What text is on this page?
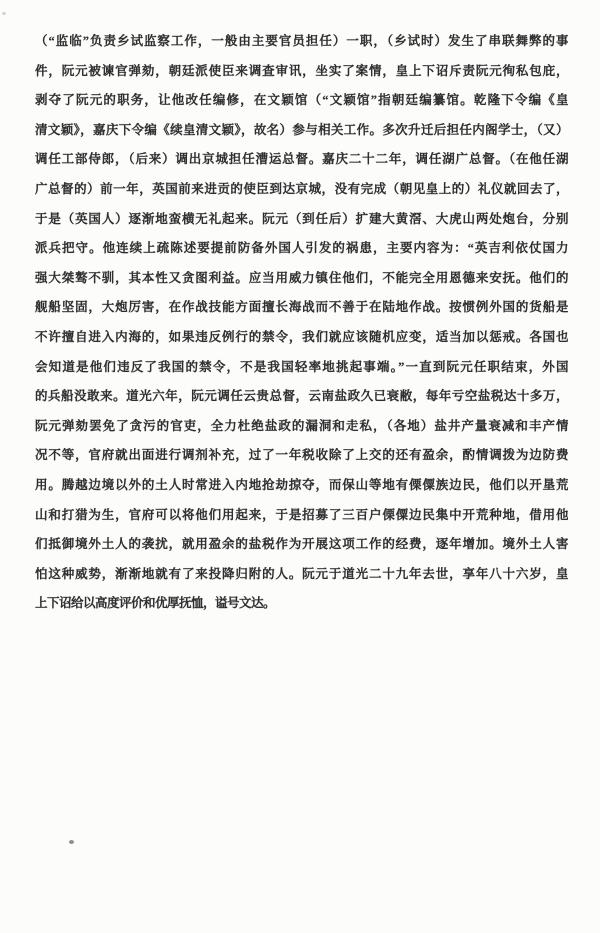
（“监临”负责乡试监察工作，一般由主要官员担任）一职，（乡试时）发生了串联舞弊的事
件，阮元被谏官弹劾，朝廷派使臣来调查审讯，坐实了案情，皇上下诏斥责阮元徇私包庇，
剥夺了阮元的职务，让他改任编修，在文颖馆（“文颖馆”指朝廷编纂馆。乾隆下令编《皇
清文颖》，嘉庆下令编《续皇清文颖》，故名）参与相关工作。多次升迁后担任内阁学士，（又）
调任工部侍郎，（后来）调出京城担任漕运总督。嘉庆二十二年，调任湖广总督。（在他任湖
广总督的）前一年，英国前来进贡的使臣到达京城，没有完成（朝见皇上的）礼仪就回去了，
于是（英国人）逐渐地蛮横无礼起来。阮元（到任后）扩建大黄滘、大虎山两处炮台，分别
派兵把守。他连续上疏陈述要提前防备外国人引发的祸患，主要内容为：“英吉利依仗国力
强大桀骜不驯，其本性又贪图利益。应当用威力镇住他们，不能完全用恩德来安抚。他们的
舰船坚固，大炮厉害，在作战技能方面擅长海战而不善于在陆地作战。按惯例外国的货船是
不许擅自进入内海的，如果违反例行的禁令，我们就应该随机应变，适当加以惩戒。各国也
会知道是他们违反了我国的禁令，不是我国轻率地挑起事端。”一直到阮元任职结束，外国
的兵船没敢来。道光六年，阮元调任云贵总督，云南盐政久已衰敝，每年亏空盐税达十多万，
阮元弹劾罢免了贪污的官吏，全力杜绝盐政的漏洞和走私，（各地）盐井产量衰减和丰产情
况不等，官府就出面进行调剂补充，过了一年税收除了上交的还有盈余，酌情调拨为边防费
用。腾越边境以外的土人时常进入内地抢劫掠夺，而保山等地有傈僳族边民，他们以开垦荒
山和打猎为生，官府可以将他们用起来，于是招募了三百户傈僳边民集中开荒种地，借用他
们抵御境外土人的袭扰，就用盈余的盐税作为开展这项工作的经费，逐年增加。境外土人害
怕这种威势，渐渐地就有了来投降归附的人。阮元于道光二十九年去世，享年八十六岁，皇
上下诏给以高度评价和优厚抚恤，谥号文达。
